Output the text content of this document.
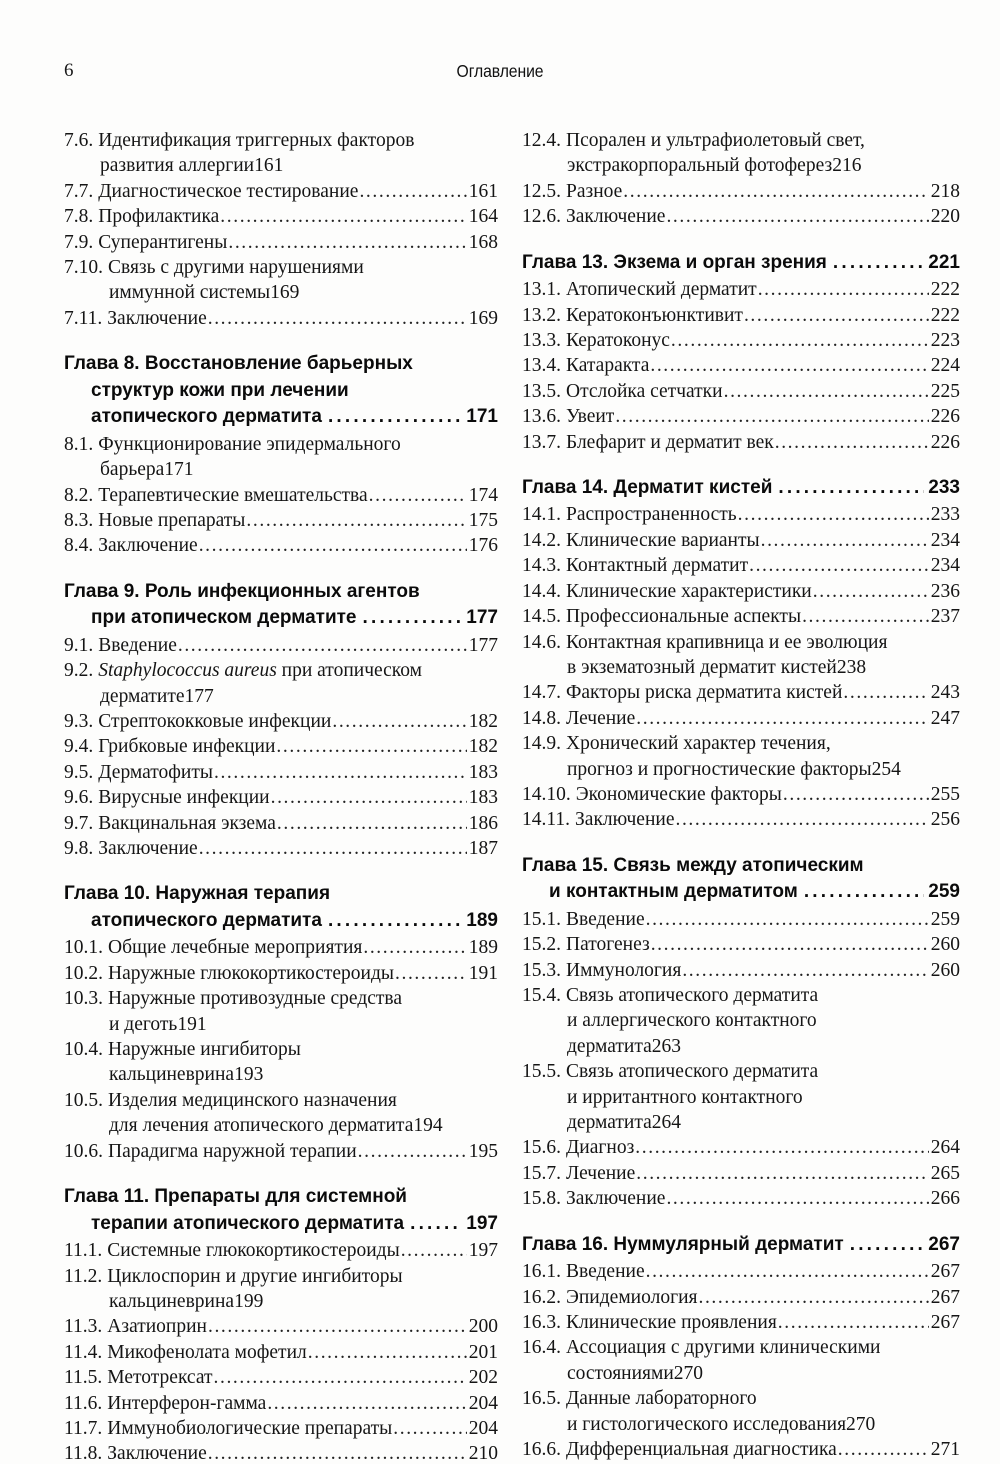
6	Оглавление
7.6. Идентификация триггерных факторов
развития аллергии161
7.7. Диагностическое тестирование .....	161
7.8. Профилактика .....	164
7.9. Суперантигены .....	168
7.10. Связь с другими нарушениями
иммунной системы169
7.11. Заключение .....	169
Глава 8. Восстановление барьерных
структур кожи при лечении
атопического дерматита .....	171
8.1. Функционирование эпидермального
барьера171
8.2. Терапевтические вмешательства .....	174
8.3. Новые препараты .....	175
8.4. Заключение .....	176
Глава 9. Роль инфекционных агентов
при атопическом дерматите .....	177
9.1. Введение .....	177
9.2. Staphylococcus aureus при атопическом
дерматите177
9.3. Стрептококковые инфекции .....	182
9.4. Грибковые инфекции .....	182
9.5. Дерматофиты .....	183
9.6. Вирусные инфекции .....	183
9.7. Вакцинальная экзема .....	186
9.8. Заключение .....	187
Глава 10. Наружная терапия
атопического дерматита .....	189
10.1. Общие лечебные мероприятия .....	189
10.2. Наружные глюкокортикостероиды .....	191
10.3. Наружные противозудные средства
и деготь191
10.4. Наружные ингибиторы
кальциневрина193
10.5. Изделия медицинского назначения
для лечения атопического дерматита194
10.6. Парадигма наружной терапии .....	195
Глава 11. Препараты для системной
терапии атопического дерматита .....	197
11.1. Системные глюкокортикостероиды .....	197
11.2. Циклоспорин и другие ингибиторы
кальциневрина199
11.3. Азатиоприн .....	200
11.4. Микофенолата мофетил .....	201
11.5. Метотрексат .....	202
11.6. Интерферон-гамма .....	204
11.7. Иммунобиологические препараты .....	204
11.8. Заключение .....	210
12.4. Псорален и ультрафиолетовый свет,
экстракорпоральный фотоферез216
12.5. Разное .....	218
12.6. Заключение .....	220
Глава 13. Экзема и орган зрения .....	221
13.1. Атопический дерматит .....	222
13.2. Кератоконъюнктивит .....	222
13.3. Кератоконус .....	223
13.4. Катаракта .....	224
13.5. Отслойка сетчатки .....	225
13.6. Увеит .....	226
13.7. Блефарит и дерматит век .....	226
Глава 14. Дерматит кистей .....	233
14.1. Распространенность .....	233
14.2. Клинические варианты .....	234
14.3. Контактный дерматит .....	234
14.4. Клинические характеристики .....	236
14.5. Профессиональные аспекты .....	237
14.6. Контактная крапивница и ее эволюция
в экзематозный дерматит кистей238
14.7. Факторы риска дерматита кистей .....	243
14.8. Лечение .....	247
14.9. Хронический характер течения,
прогноз и прогностические факторы254
14.10. Экономические факторы .....	255
14.11. Заключение .....	256
Глава 15. Связь между атопическим
и контактным дерматитом .....	259
15.1. Введение .....	259
15.2. Патогенез .....	260
15.3. Иммунология .....	260
15.4. Связь атопического дерматита
и аллергического контактного
дерматита263
15.5. Связь атопического дерматита
и ирритантного контактного
дерматита264
15.6. Диагноз .....	264
15.7. Лечение .....	265
15.8. Заключение .....	266
Глава 16. Нуммулярный дерматит .....	267
16.1. Введение .....	267
16.2. Эпидемиология .....	267
16.3. Клинические проявления .....	267
16.4. Ассоциация с другими клиническими
состояниями270
16.5. Данные лабораторного
и гистологического исследования270
16.6. Дифференциальная диагностика .....	271
.....
